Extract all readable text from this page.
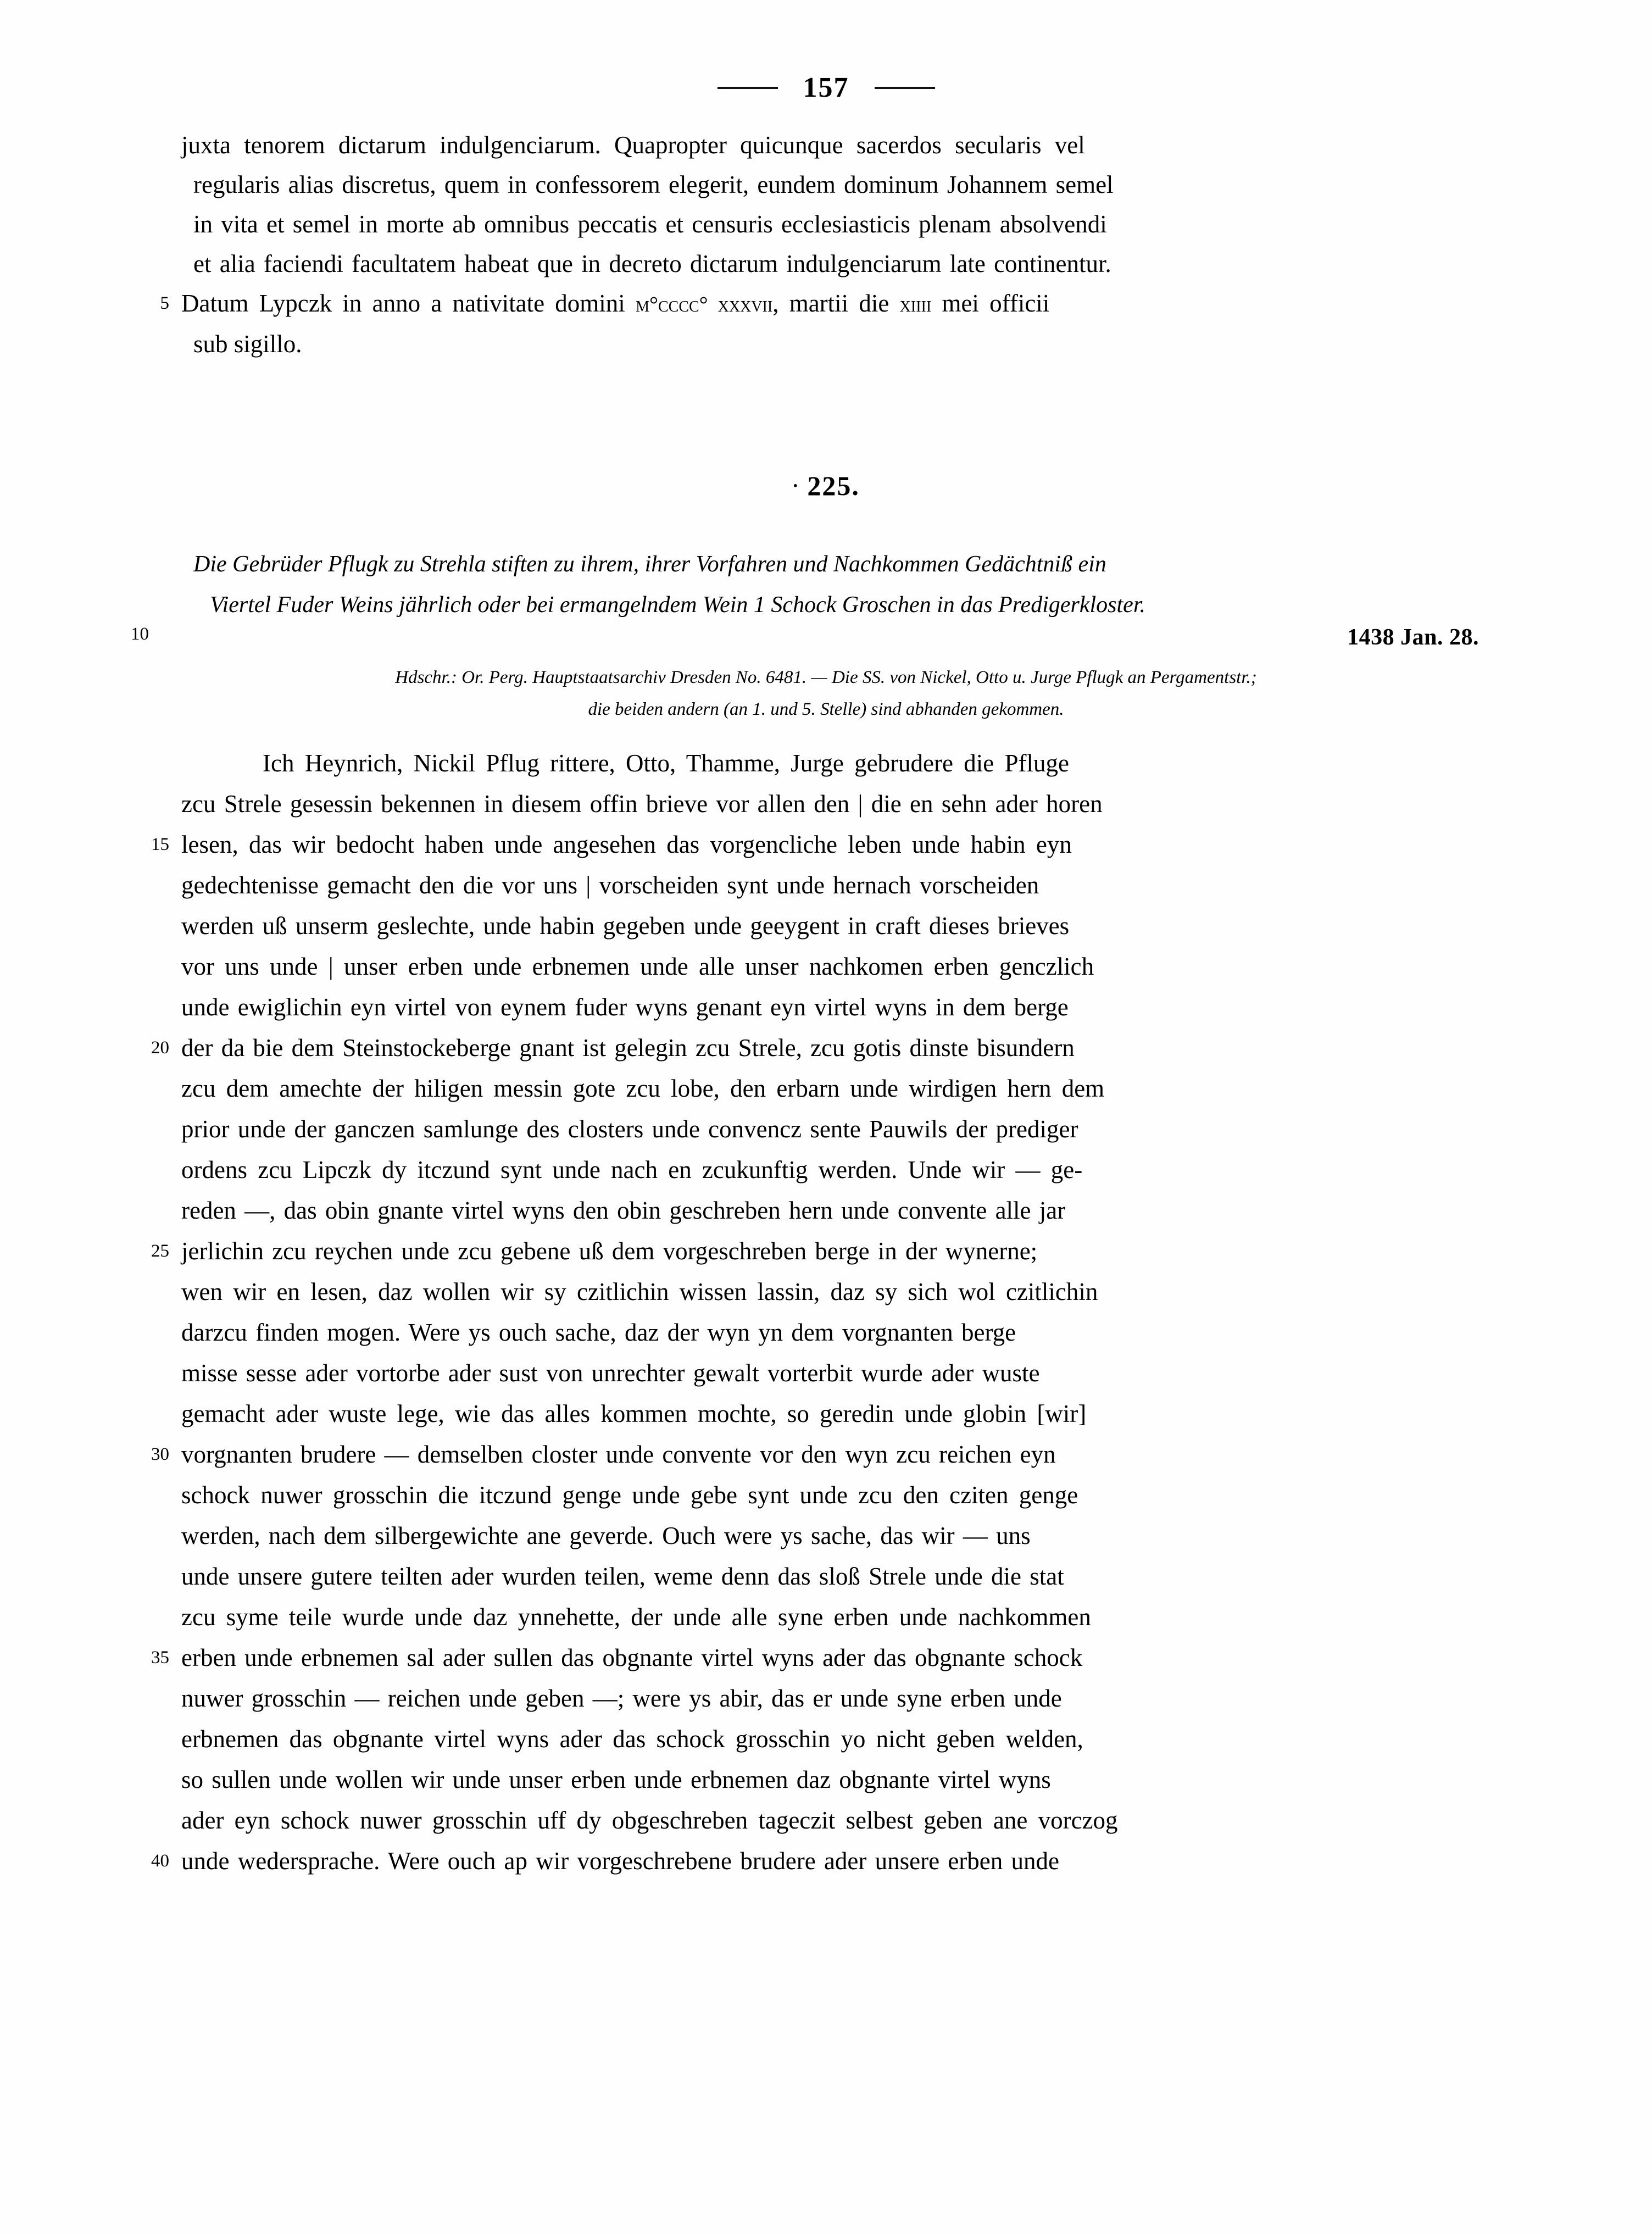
157
juxta tenorem dictarum indulgenciarum. Quapropter quicunque sacerdos secularis vel
regularis alias discretus, quem in confessorem elegerit, eundem dominum Johannem semel
in vita et semel in morte ab omnibus peccatis et censuris ecclesiasticis plenam absolvendi
et alia faciendi facultatem habeat que in decreto dictarum indulgenciarum late continentur.
5 Datum Lypczk in anno a nativitate domini m°cccc° xxxvii, martii die xiiii mei officii
sub sigillo.
· 225.
Die Gebrüder Pflugk zu Strehla stiften zu ihrem, ihrer Vorfahren und Nachkommen Gedächtniß ein
Viertel Fuder Weins jährlich oder bei ermangelndem Wein 1 Schock Groschen in das Predigerkloster.
10	1438 Jan. 28.
Hdschr.: Or. Perg. Hauptstaatsarchiv Dresden No. 6481. — Die SS. von Nickel, Otto u. Jurge Pflugk an Pergamentstr.;
die beiden andern (an 1. und 5. Stelle) sind abhanden gekommen.
Ich Heynrich, Nickil Pflug rittere, Otto, Thamme, Jurge gebrudere die Pfluge
zcu Strele gesessin bekennen in diesem offin brieve vor allen den | die en sehn ader horen
15 lesen, das wir bedocht haben unde angesehen das vorgencliche leben unde habin eyn
gedechtenisse gemacht den die vor uns | vorscheiden synt unde hernach vorscheiden
werden uß unserm geslechte, unde habin gegeben unde geeygent in craft dieses brieves
vor uns unde | unser erben unde erbnemen unde alle unser nachkomen erben genczlich
unde ewiglichin eyn virtel von eynem fuder wyns genant eyn virtel wyns in dem berge
20 der da bie dem Steinstockeberge gnant ist gelegin zcu Strele, zcu gotis dinste bisundern
zcu dem amechte der hiligen messin gote zcu lobe, den erbarn unde wirdigen hern dem
prior unde der ganczen samlunge des closters unde convencz sente Pauwils der prediger
ordens zcu Lipczk dy itczund synt unde nach en zcukunftig werden. Unde wir — ge-
reden —, das obin gnante virtel wyns den obin geschreben hern unde convente alle jar
25 jerlichin zcu reychen unde zcu gebene uß dem vorgeschreben berge in der wynerne;
wen wir en lesen, daz wollen wir sy czitlichin wissen lassin, daz sy sich wol czitlichin
darzcu finden mogen. Were ys ouch sache, daz der wyn yn dem vorgnanten berge
misse sesse ader vortorbe ader sust von unrechter gewalt vorterbit wurde ader wuste
gemacht ader wuste lege, wie das alles kommen mochte, so geredin unde globin [wir]
30 vorgnanten brudere — demselben closter unde convente vor den wyn zcu reichen eyn
schock nuwer grosschin die itczund genge unde gebe synt unde zcu den cziten genge
werden, nach dem silbergewichte ane geverde. Ouch were ys sache, das wir — uns
unde unsere gutere teilten ader wurden teilen, weme denn das sloß Strele unde die stat
zcu syme teile wurde unde daz ynnehette, der unde alle syne erben unde nachkommen
35 erben unde erbnemen sal ader sullen das obgnante virtel wyns ader das obgnante schock
nuwer grosschin — reichen unde geben —; were ys abir, das er unde syne erben unde
erbnemen das obgnante virtel wyns ader das schock grosschin yo nicht geben welden,
so sullen unde wollen wir unde unser erben unde erbnemen daz obgnante virtel wyns
ader eyn schock nuwer grosschin uff dy obgeschreben tageczit selbest geben ane vorczog
40 unde wedersprache. Were ouch ap wir vorgeschrebene brudere ader unsere erben unde
